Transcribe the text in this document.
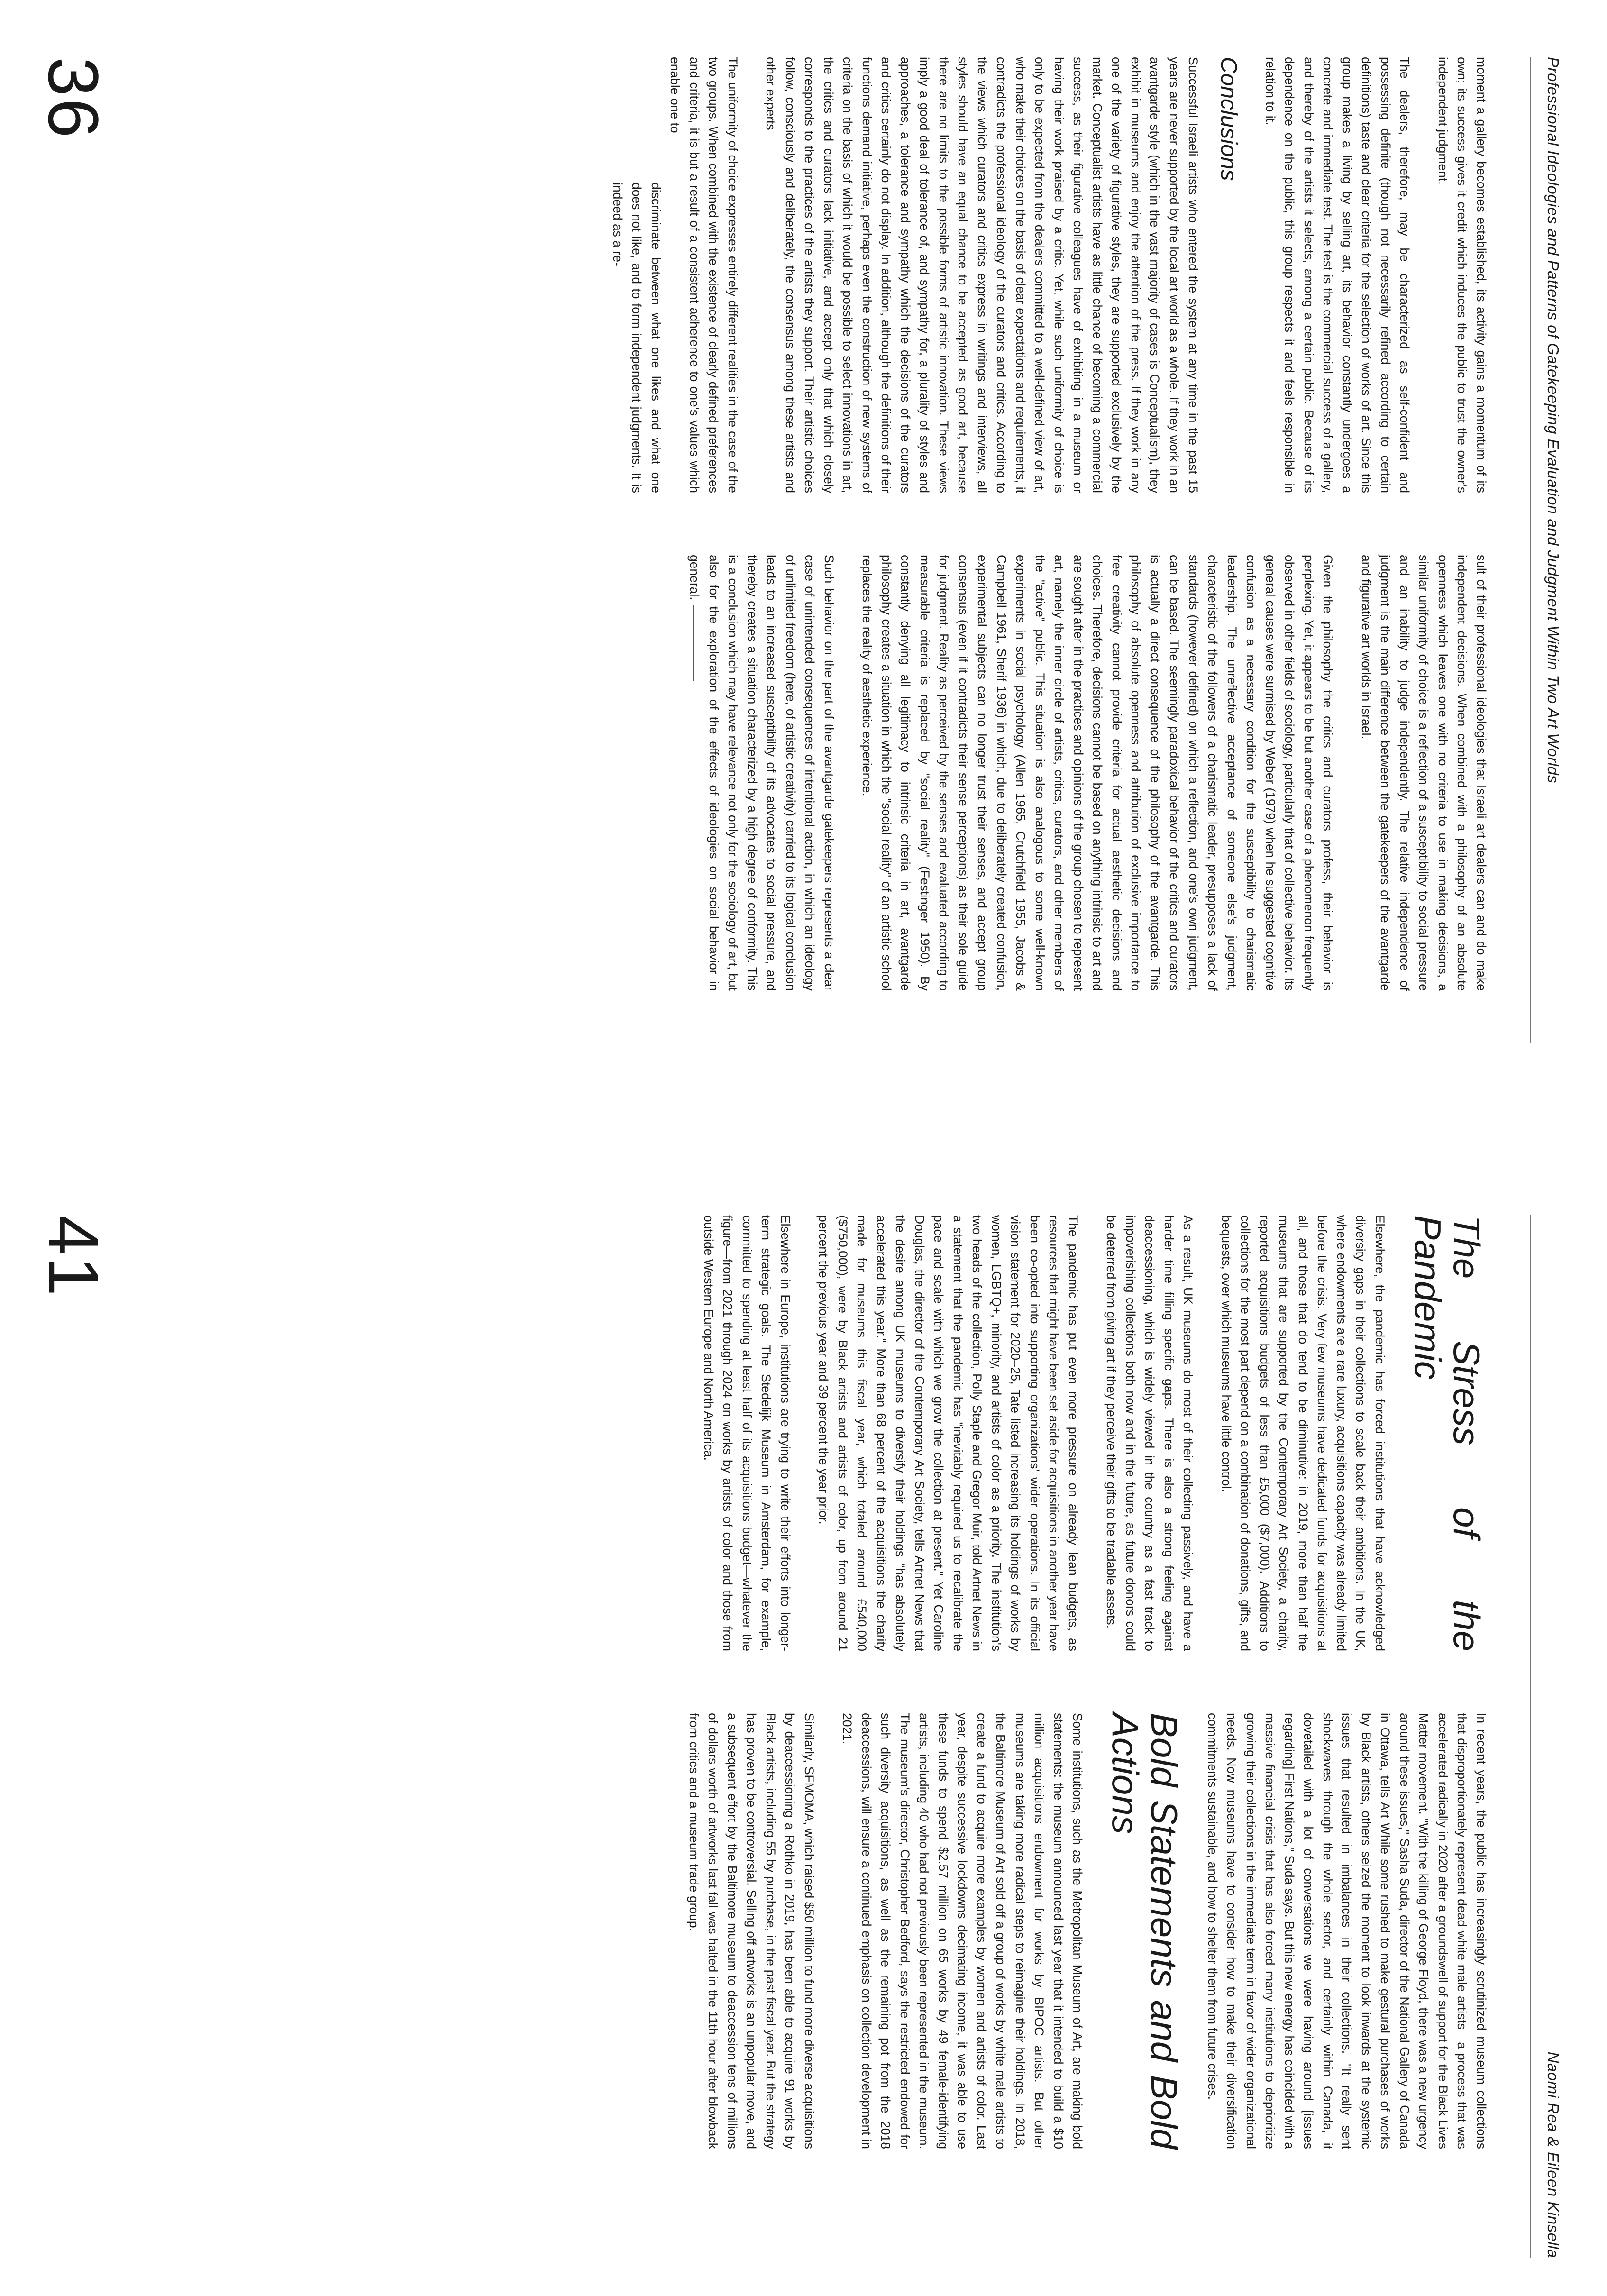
Professional Ideologies and Patterns of Gatekeeping Evaluation and Judgment Within Two Art Worlds

moment a gallery becomes established, its activity gains a momentum of its own; its success gives it credit which induces the public to trust the owner's independent judgment.

The dealers, therefore, may be characterized as self-confident and possessing definite (though not necessarily refined according to certain definitions) taste and clear criteria for the selection of works of art. Since this group makes a living by selling art, its behavior constantly undergoes a concrete and immediate test. The test is the commercial success of a gallery, and thereby of the artists it selects, among a certain public. Because of its dependence on the public, this group respects it and feels responsible in relation to it.

Conclusions

Successful Israeli artists who entered the system at any time in the past 15 years are never supported by the local art world as a whole. If they work in an avantgarde style (which in the vast majority of cases is Conceptualism), they exhibit in museums and enjoy the attention of the press. If they work in any one of the variety of figurative styles, they are supported exclusively by the market. Conceptualist artists have as little chance of becoming a commercial success, as their figurative colleagues have of exhibiting in a museum or having their work praised by a critic. Yet, while such uniformity of choice is only to be expected from the dealers committed to a well-defined view of art, who make their choices on the basis of clear expectations and requirements, it contradicts the professional ideology of the curators and critics. According to the views which curators and critics express in writings and interviews, all styles should have an equal chance to be accepted as good art, because there are no limits to the possible forms of artistic innovation. These views imply a good deal of tolerance of, and sympathy for, a plurality of styles and approaches, a tolerance and sympathy which the decisions of the curators and critics certainly do not display. In addition, although the definitions of their functions demand initiative, perhaps even the construction of new systems of criteria on the basis of which it would be possible to select innovations in art, the critics and curators lack initiative, and accept only that which closely corresponds to the practices of the artists they support. Their artistic choices follow, consciously and deliberately, the consensus among these artists and other experts

The uniformity of choice expresses entirely different realities in the case of the two groups. When combined with the existence of clearly defined preferences and criteria, it is but a result of a consistent adherence to one's values which enable one to

discriminate between what one likes and what one does not like, and to form independent judgments. It is indeed as a re-

36

sult of their professional ideologies that Israeli art dealers can and do make independent decisions. When combined with a philosophy of an absolute openness which leaves one with no criteria to use in making decisions, a similar uniformity of choice is a reflection of a susceptibility to social pressure and an inability to judge independently. The relative independence of judgment is the main difference between the gatekeepers of the avantgarde and figurative art worlds in Israel.

Given the philosophy the critics and curators profess, their behavior is perplexing. Yet, it appears to be but another case of a phenomenon frequently observed in other fields of sociology, particularly that of collective behavior. Its general causes were surmised by Weber (1979) when he suggested cognitive confusion as a necessary condition for the susceptibility to charismatic leadership. The unreflective acceptance of someone else's judgment, characteristic of the followers of a charismatic leader, presupposes a lack of standards (however defined) on which a reflection, and one's own judgment, can be based. The seemingly paradoxical behavior of the critics and curators is actually a direct consequence of the philosophy of the avantgarde. This philosophy of absolute openness and attribution of exclusive importance to free creativity cannot provide criteria for actual aesthetic decisions and choices. Therefore, decisions cannot be based on anything intrinsic to art and are sought after in the practices and opinions of the group chosen to represent art, namely the inner circle of artists, critics, curators, and other members of the "active" public. This situation is also analogous to some well-known experiments in social psychology (Allen 1965, Crutchfield 1955, Jacobs & Campbell 1961, Sherif 1936) in which, due to deliberately created confusion, experimental subjects can no longer trust their senses, and accept group consensus (even if it contradicts their sense perceptions) as their sole guide for judgment. Reality as perceived by the senses and evaluated according to measurable criteria is replaced by "social reality" (Festinger 1950). By constantly denying all legitimacy to intrinsic criteria in art, avantgarde philosophy creates a situation in which the "social reality" of an artistic school replaces the reality of aesthetic experience.

Such behavior on the part of the avantgarde gatekeepers represents a clear case of unintended consequences of intentional action, in which an ideology of unlimited freedom (here, of artistic creativity) carried to its logical conclusion leads to an increased susceptibility of its advocates to social pressure, and thereby creates a situation characterized by a high degree of conformity. This is a conclusion which may have relevance not only for the sociology of art, but also for the exploration of the effects of ideologies on social behavior in general.

Naomi Rea & Eileen Kinsella
The Stress of the Pandemic

Elsewhere, the pandemic has forced institutions that have acknowledged diversity gaps in their collections to scale back their ambitions. In the UK, where endowments are a rare luxury, acquisitions capacity was already limited before the crisis. Very few museums have dedicated funds for acquisitions at all, and those that do tend to be diminutive: in 2019, more than half the museums that are supported by the Contemporary Art Society, a charity, reported acquisitions budgets of less than £5,000 ($7,000). Additions to collections for the most part depend on a combination of donations, gifts, and bequests, over which museums have little control.

As a result, UK museums do most of their collecting passively, and have a harder time filling specific gaps. There is also a strong feeling against deaccessioning, which is widely viewed in the country as a fast track to impoverishing collections both now and in the future, as future donors could be deterred from giving art if they perceive their gifts to be tradable assets.

The pandemic has put even more pressure on already lean budgets, as resources that might have been set aside for acquisitions in another year have been co-opted into supporting organizations' wider operations. In its official vision statement for 2020–25, Tate listed increasing its holdings of works by women, LGBTQ+, minority, and artists of color as a priority. The institution's two heads of the collection, Polly Staple and Gregor Muir, told Artnet News in a statement that the pandemic has "inevitably required us to recalibrate the pace and scale with which we grow the collection at present." Yet Caroline Douglas, the director of the Contemporary Art Society, tells Artnet News that the desire among UK museums to diversify their holdings "has absolutely accelerated this year." More than 68 percent of the acquisitions the charity made for museums this fiscal year, which totaled around £540,000 ($750,000), were by Black artists and artists of color, up from around 21 percent the previous year and 39 percent the year prior.

Elsewhere in Europe, institutions are trying to write their efforts into longer-term strategic goals. The Stedelijk Museum in Amsterdam, for example, committed to spending at least half of its acquisitions budget—whatever the figure—from 2021 through 2024 on works by artists of color and those from outside Western Europe and North America.

41

In recent years, the public has increasingly scrutinized museum collections that disproportionately represent dead white male artists—a process that was accelerated radically in 2020 after a groundswell of support for the Black Lives Matter movement. "With the killing of George Floyd, there was a new urgency around these issues," Sasha Suda, director of the National Gallery of Canada in Ottawa, tells Art While some rushed to make gestural purchases of works by Black artists, others seized the moment to look inwards at the systemic issues that resulted in imbalances in their collections. "It really sent shockwaves through the whole sector, and certainly within Canada, it dovetailed with a lot of conversations we were having around [issues regarding] First Nations," Suda says. But this new energy has coincided with a massive financial crisis that has also forced many institutions to deprioritize growing their collections in the immediate term in favor of wider organizational needs. Now museums have to consider how to make their diversification commitments sustainable, and how to shelter them from future crises.

Bold Statements and Bold Actions

Some institutions, such as the Metropolitan Museum of Art, are making bold statements: the museum announced last year that it intended to build a $10 million acquisitions endowment for works by BIPOC artists. But other museums are taking more radical steps to reimagine their holdings. In 2018, the Baltimore Museum of Art sold off a group of works by white male artists to create a fund to acquire more examples by women and artists of color. Last year, despite successive lockdowns decimating income, it was able to use these funds to spend $2.57 million on 65 works by 49 female-identifying artists, including 40 who had not previously been represented in the museum. The museum's director, Christopher Bedford, says the restricted endowed for such diversity acquisitions, as well as the remaining pot from the 2018 deaccessions, will ensure a continued emphasis on collection development in 2021.

Similarly, SFMOMA, which raised $50 million to fund more diverse acquisitions by deaccessioning a Rothko in 2019, has been able to acquire 91 works by Black artists, including 55 by purchase, in the past fiscal year. But the strategy has proven to be controversial. Selling off artworks is an unpopular move, and a subsequent effort by the Baltimore museum to deaccession tens of millions of dollars worth of artworks last fall was halted in the 11th hour after blowback from critics and a museum trade group.
